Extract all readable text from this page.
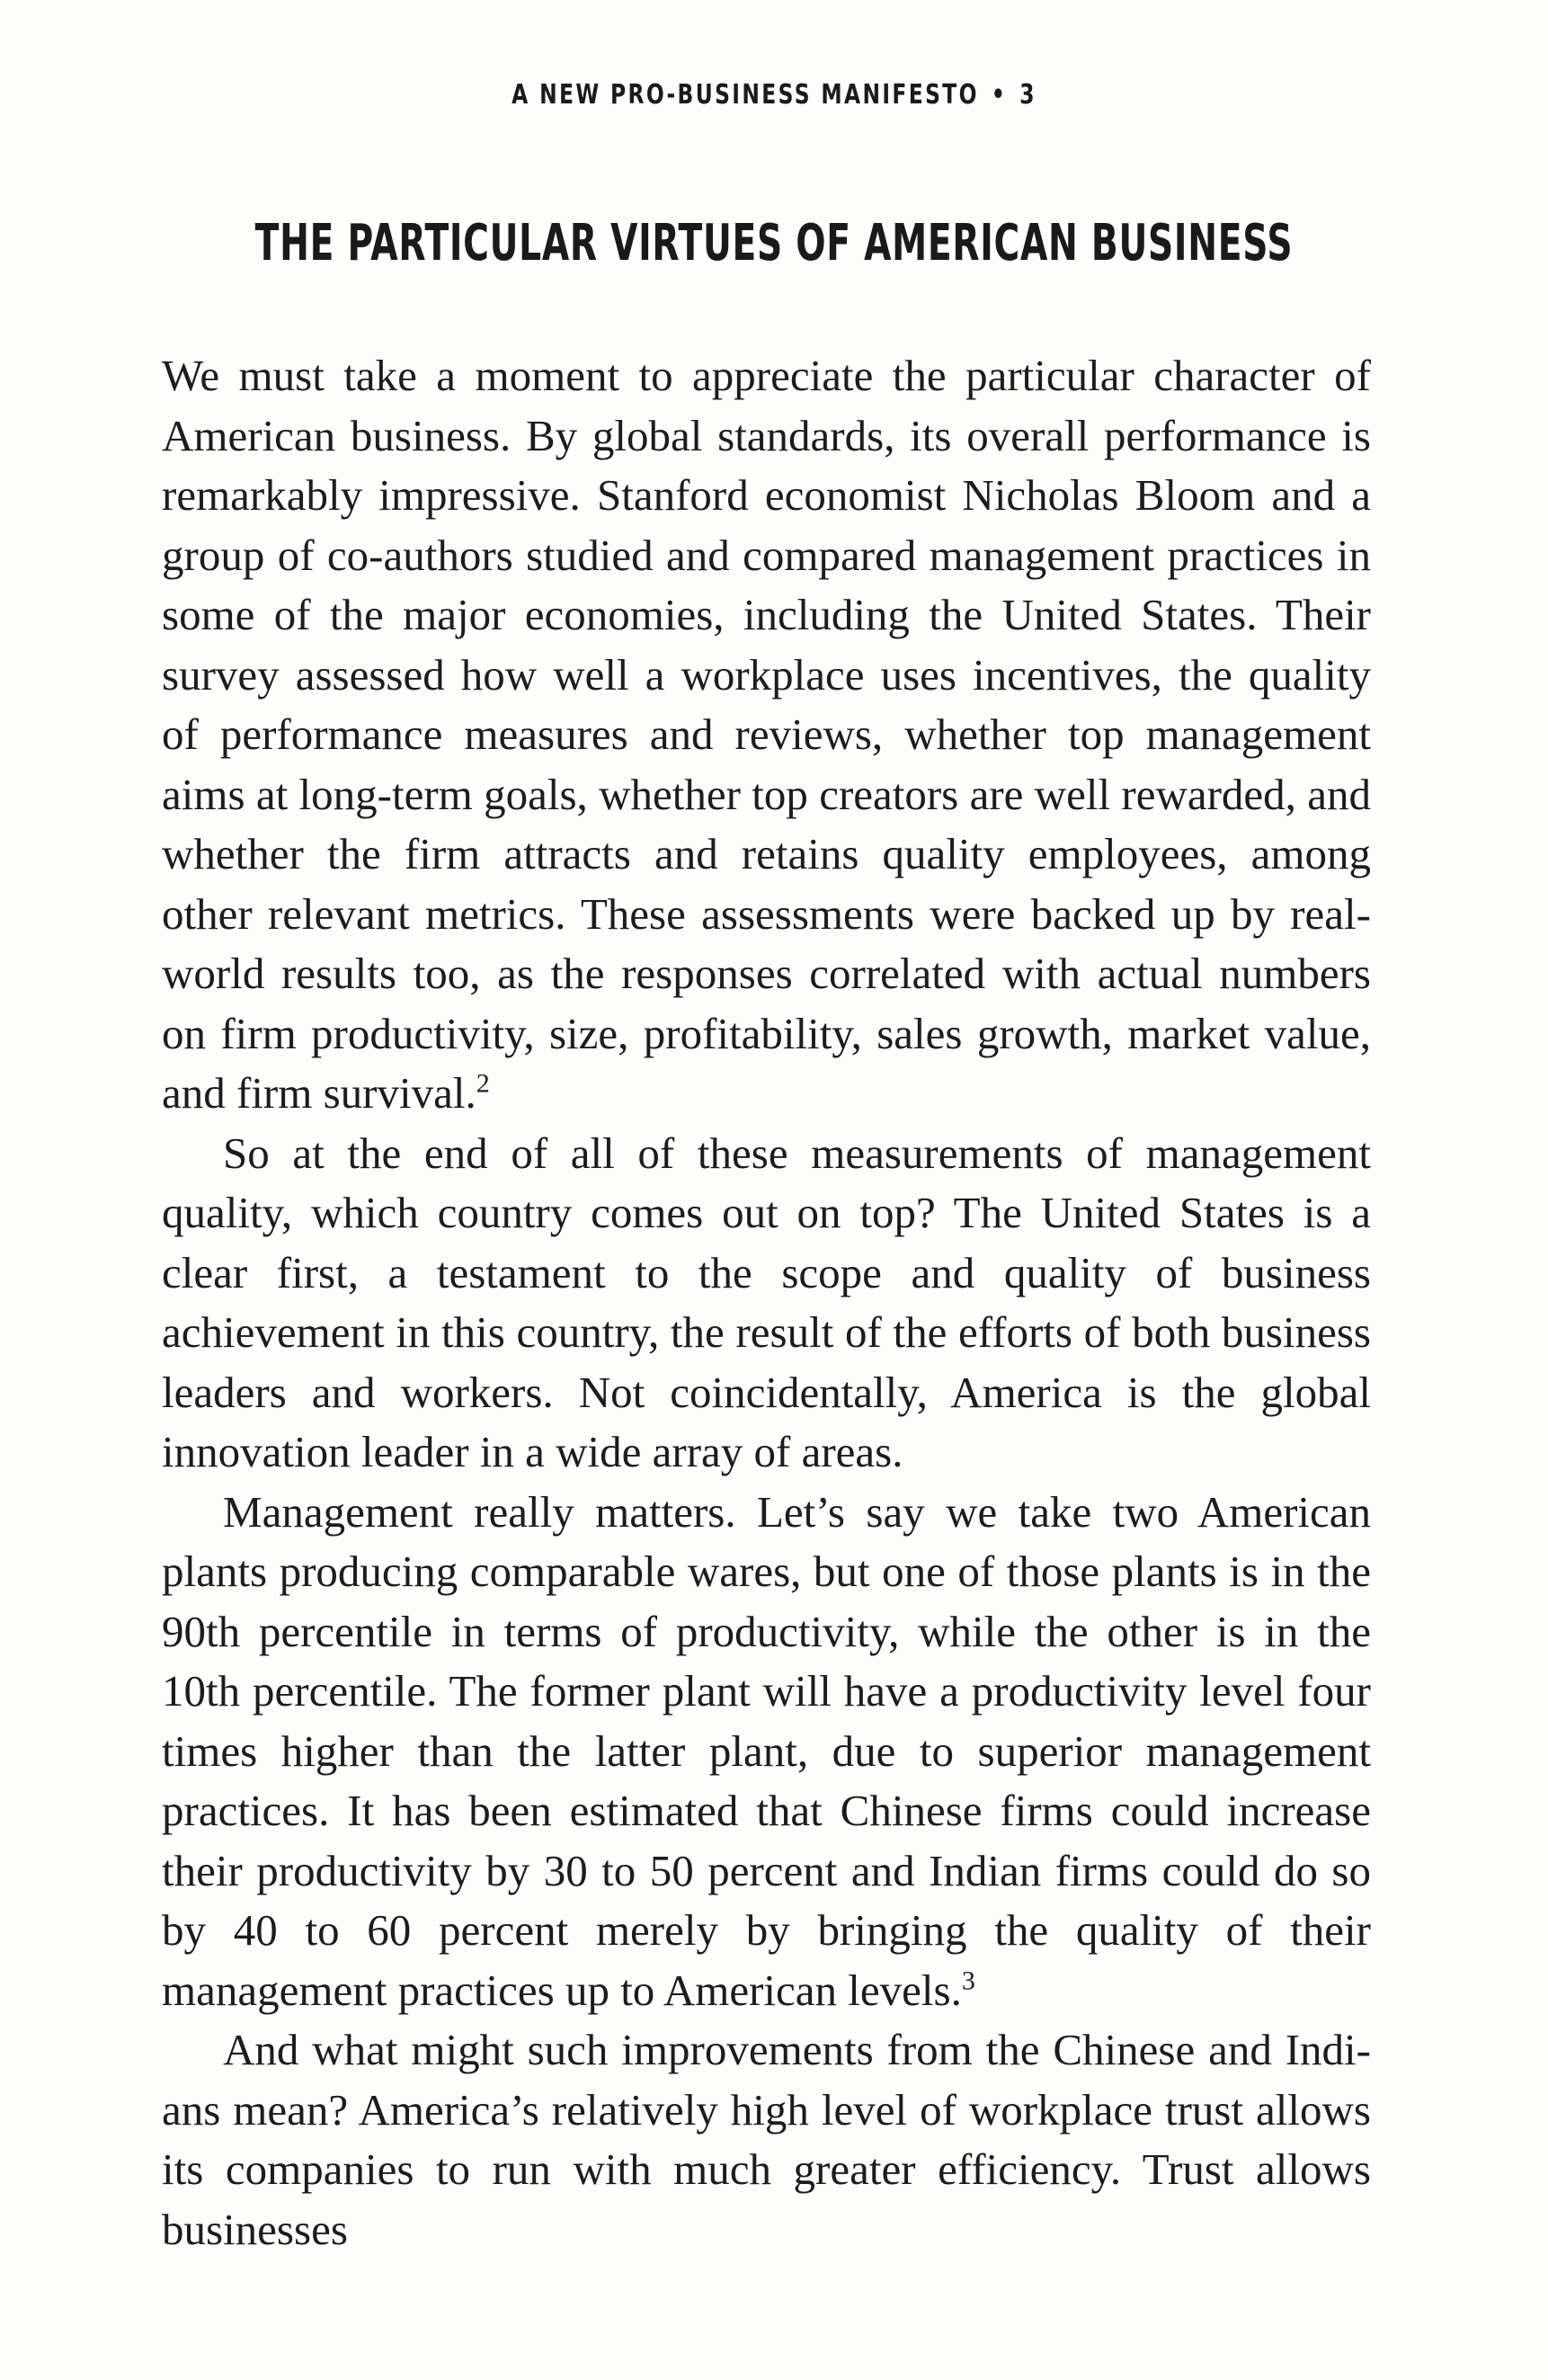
A NEW PRO-BUSINESS MANIFESTO • 3
THE PARTICULAR VIRTUES OF AMERICAN BUSINESS

We must take a moment to appreciate the particular character of American business. By global standards, its overall performance is remarkably impressive. Stanford economist Nicholas Bloom and a group of co-authors studied and compared management practices in some of the major economies, including the United States. Their survey assessed how well a workplace uses incentives, the quality of performance measures and reviews, whether top management aims at long-term goals, whether top creators are well rewarded, and whether the firm attracts and retains quality employees, among other relevant metrics. These assessments were backed up by real-world results too, as the responses correlated with actual numbers on firm productivity, size, profitability, sales growth, market value, and firm survival.$^2$

So at the end of all of these measurements of management quality, which country comes out on top? The United States is a clear first, a testament to the scope and quality of business achievement in this country, the result of the efforts of both business leaders and workers. Not coincidentally, America is the global innovation leader in a wide array of areas.

Management really matters. Let’s say we take two American plants producing comparable wares, but one of those plants is in the 90th percentile in terms of productivity, while the other is in the 10th percentile. The former plant will have a productivity level four times higher than the latter plant, due to superior management practices. It has been estimated that Chinese firms could increase their productivity by 30 to 50 percent and Indian firms could do so by 40 to 60 percent merely by bringing the quality of their management practices up to American levels.$^3$

And what might such improvements from the Chinese and Indians mean? America’s relatively high level of workplace trust allows its companies to run with much greater efficiency. Trust allows businesses
